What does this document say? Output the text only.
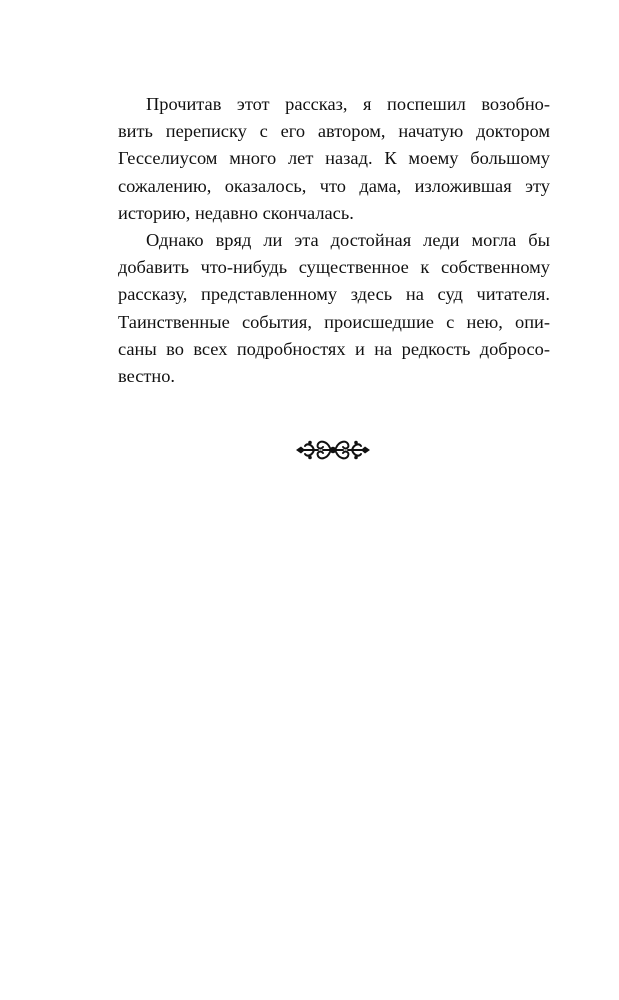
Прочитав этот рассказ, я поспешил возобнo-
вить переписку с его автором, начатую доктором
Гесселиусом много лет назад. К моему большому
сожалению, оказалось, что дама, изложившая эту
историю, недавно скончалась.
Однако вряд ли эта достойная леди могла бы
добавить что-нибудь существенное к собственному
рассказу, представленному здесь на суд читателя.
Таинственные события, происшедшие с нею, опи-
саны во всех подробностях и на редкость добросо-
вестно.
